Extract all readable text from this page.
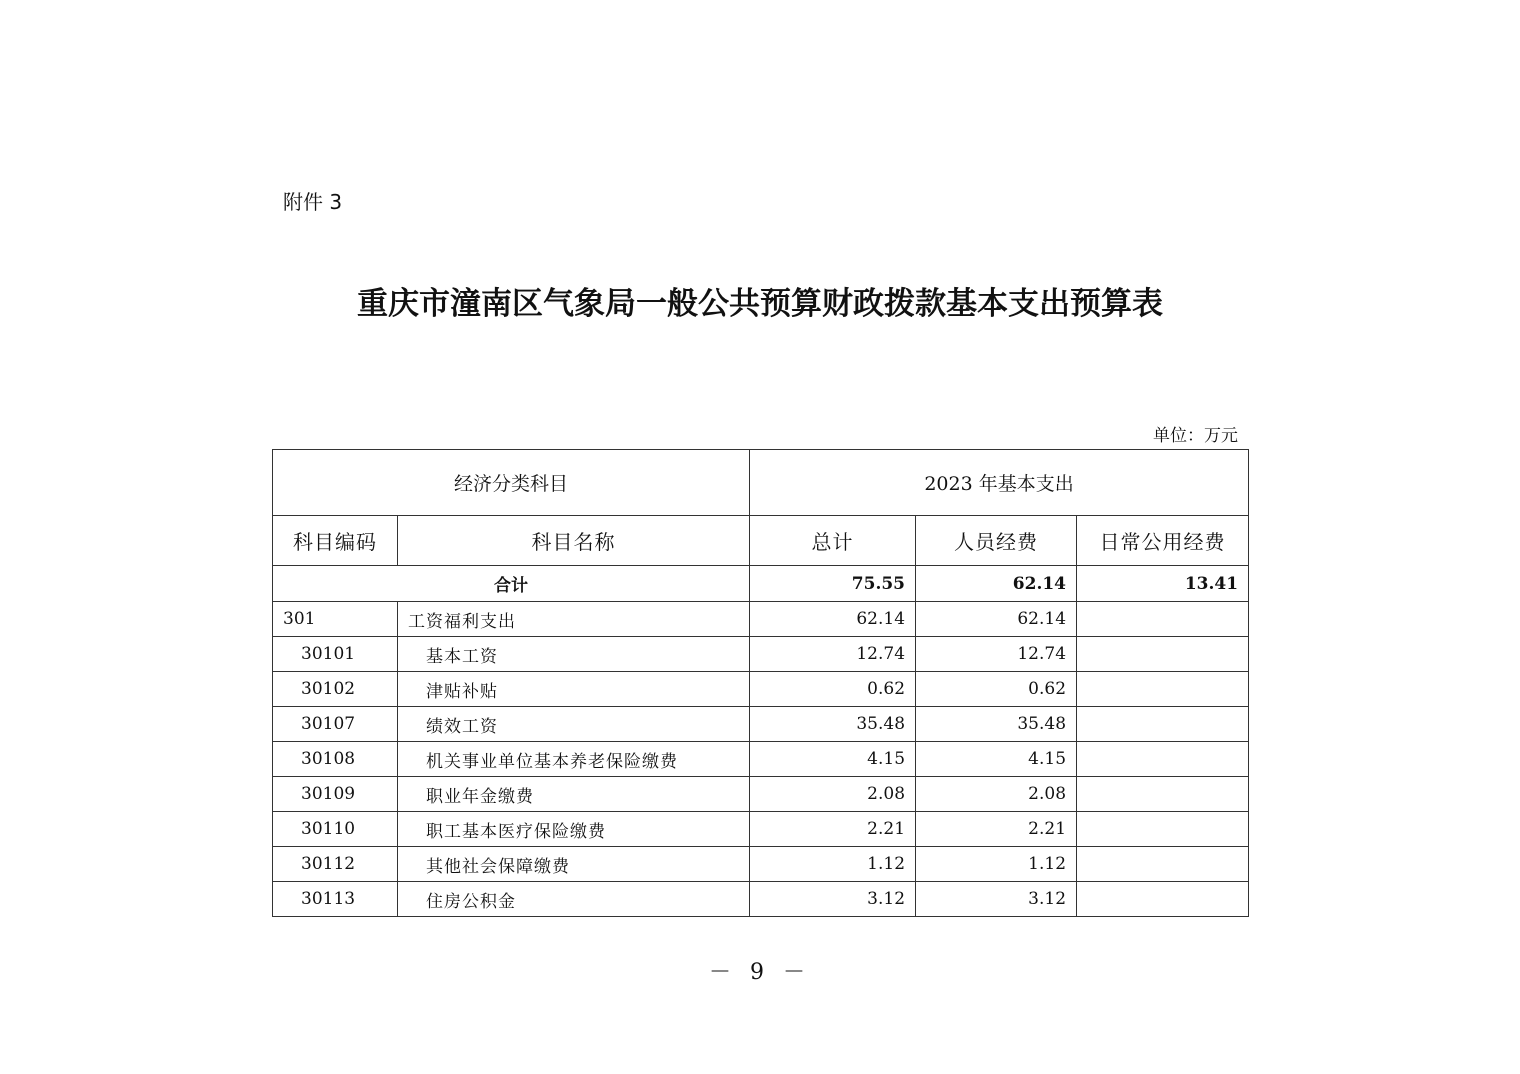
附件 3
重庆市潼南区气象局一般公共预算财政拨款基本支出预算表
单位：万元
经济分类科目		2023 年基本支出		
科目编码	科目名称	总计	人员经费	日常公用经费
合计		75.55	62.14	13.41
301	工资福利支出	62.14	62.14	
30101	基本工资	12.74	12.74	
30102	津贴补贴	0.62	0.62	
30107	绩效工资	35.48	35.48	
30108	机关事业单位基本养老保险缴费	4.15	4.15	
30109	职业年金缴费	2.08	2.08	
30110	职工基本医疗保险缴费	2.21	2.21	
30112	其他社会保障缴费	1.12	1.12	
30113	住房公积金	3.12	3.12	
－ 9 －
